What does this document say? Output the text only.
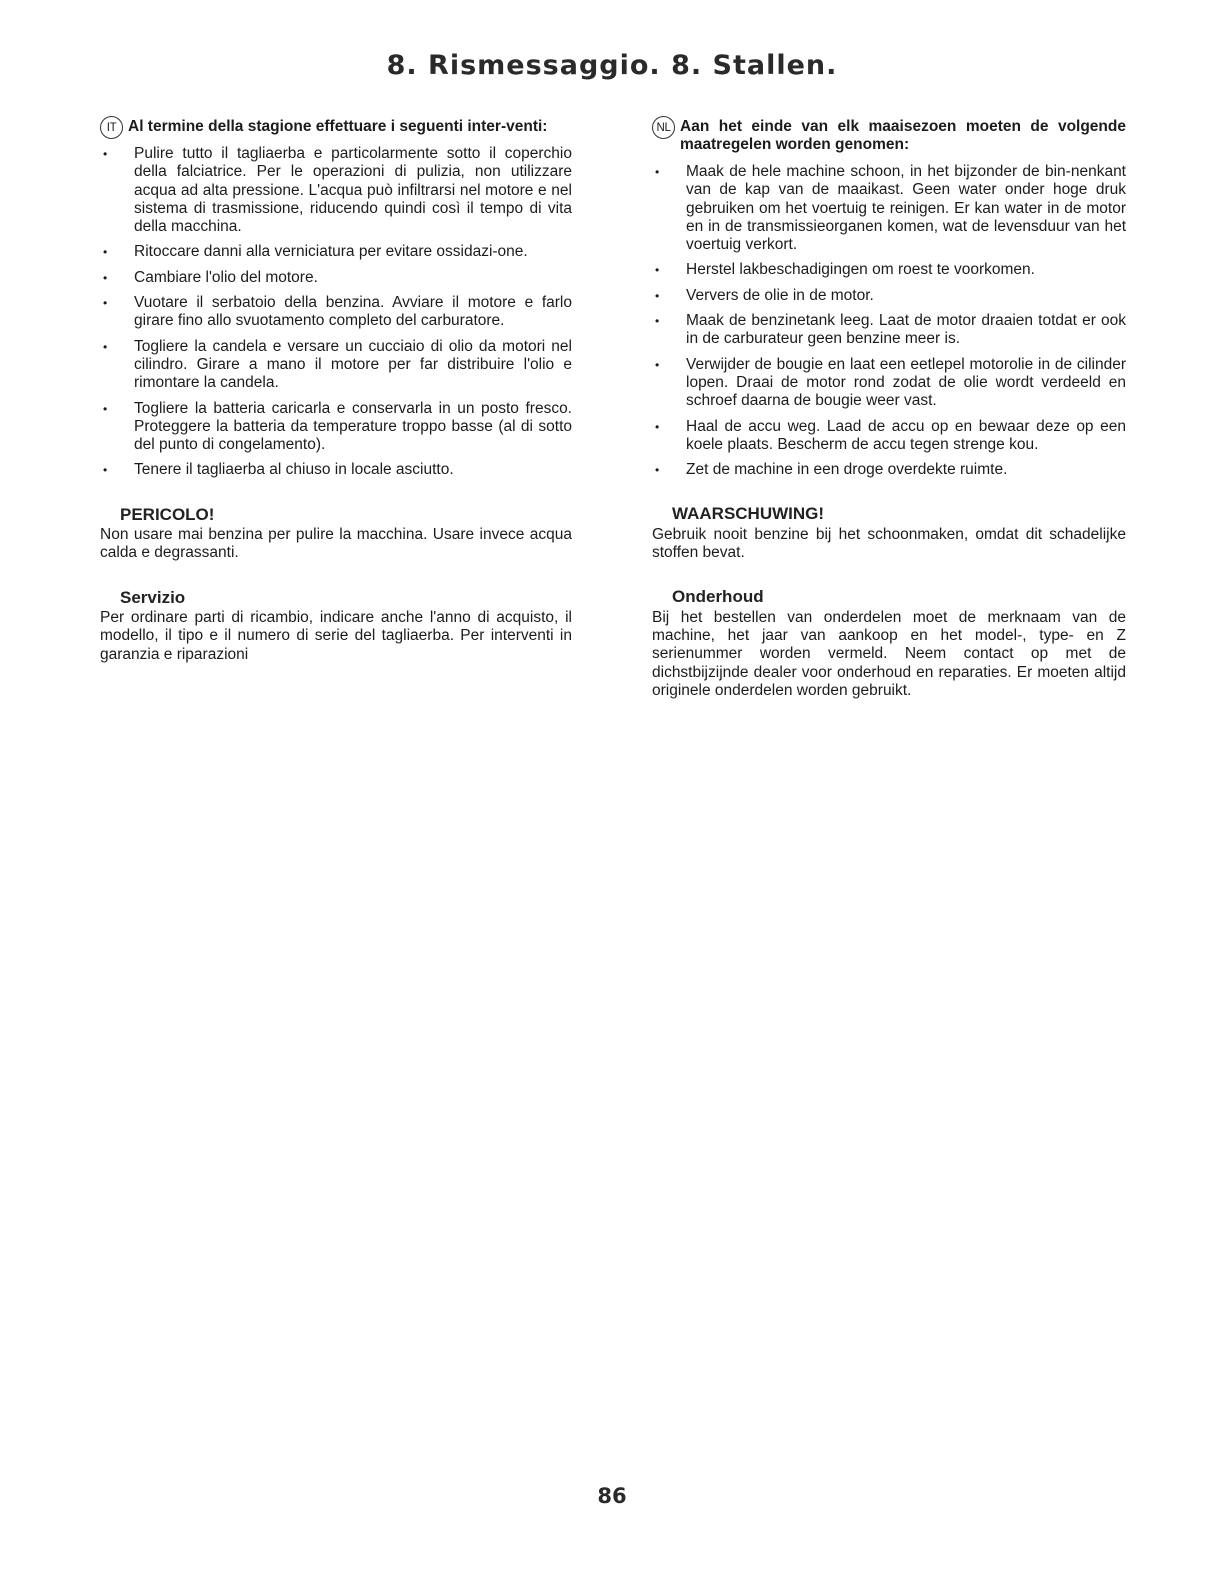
8. Rismessaggio. 8. Stallen.
IT Al termine della stagione effettuare i seguenti inter-venti:
• Pulire tutto il tagliaerba e particolarmente sotto il coperchio della falciatrice. Per le operazioni di pulizia, non utilizzare acqua ad alta pressione. L'acqua può infiltrarsi nel motore e nel sistema di trasmissione, riducendo quindi così il tempo di vita della macchina.
• Ritoccare danni alla verniciatura per evitare ossidazi-one.
• Cambiare l'olio del motore.
• Vuotare il serbatoio della benzina. Avviare il motore e farlo girare fino allo svuotamento completo del carburatore.
• Togliere la candela e versare un cucciaio di olio da motori nel cilindro. Girare a mano il motore per far distribuire l'olio e rimontare la candela.
• Togliere la batteria caricarla e conservarla in un posto fresco. Proteggere la batteria da temperature troppo basse (al di sotto del punto di congelamento).
• Tenere il tagliaerba al chiuso in locale asciutto.
PERICOLO!

Non usare mai benzina per pulire la macchina. Usare invece acqua calda e degrassanti.

Servizio

Per ordinare parti di ricambio, indicare anche l'anno di acquisto, il modello, il tipo e il numero di serie del tagliaerba. Per interventi in garanzia e riparazioni

NL Aan het einde van elk maaisezoen moeten de volgende maatregelen worden genomen:
• Maak de hele machine schoon, in het bijzonder de bin-nenkant van de kap van de maaikast. Geen water onder hoge druk gebruiken om het voertuig te reinigen. Er kan water in de motor en in de transmissieorganen komen, wat de levensduur van het voertuig verkort.
• Herstel lakbeschadigingen om roest te voorkomen.
• Ververs de olie in de motor.
• Maak de benzinetank leeg. Laat de motor draaien totdat er ook in de carburateur geen benzine meer is.
• Verwijder de bougie en laat een eetlepel motorolie in de cilinder lopen. Draai de motor rond zodat de olie wordt verdeeld en schroef daarna de bougie weer vast.
• Haal de accu weg. Laad de accu op en bewaar deze op een koele plaats. Bescherm de accu tegen strenge kou.
• Zet de machine in een droge overdekte ruimte.
WAARSCHUWING!

Gebruik nooit benzine bij het schoonmaken, omdat dit schadelijke stoffen bevat.

Onderhoud

Bij het bestellen van onderdelen moet de merknaam van de machine, het jaar van aankoop en het model-, type- en Z serienummer worden vermeld. Neem contact op met de dichstbijzijnde dealer voor onderhoud en reparaties. Er moeten altijd originele onderdelen worden gebruikt.

86
